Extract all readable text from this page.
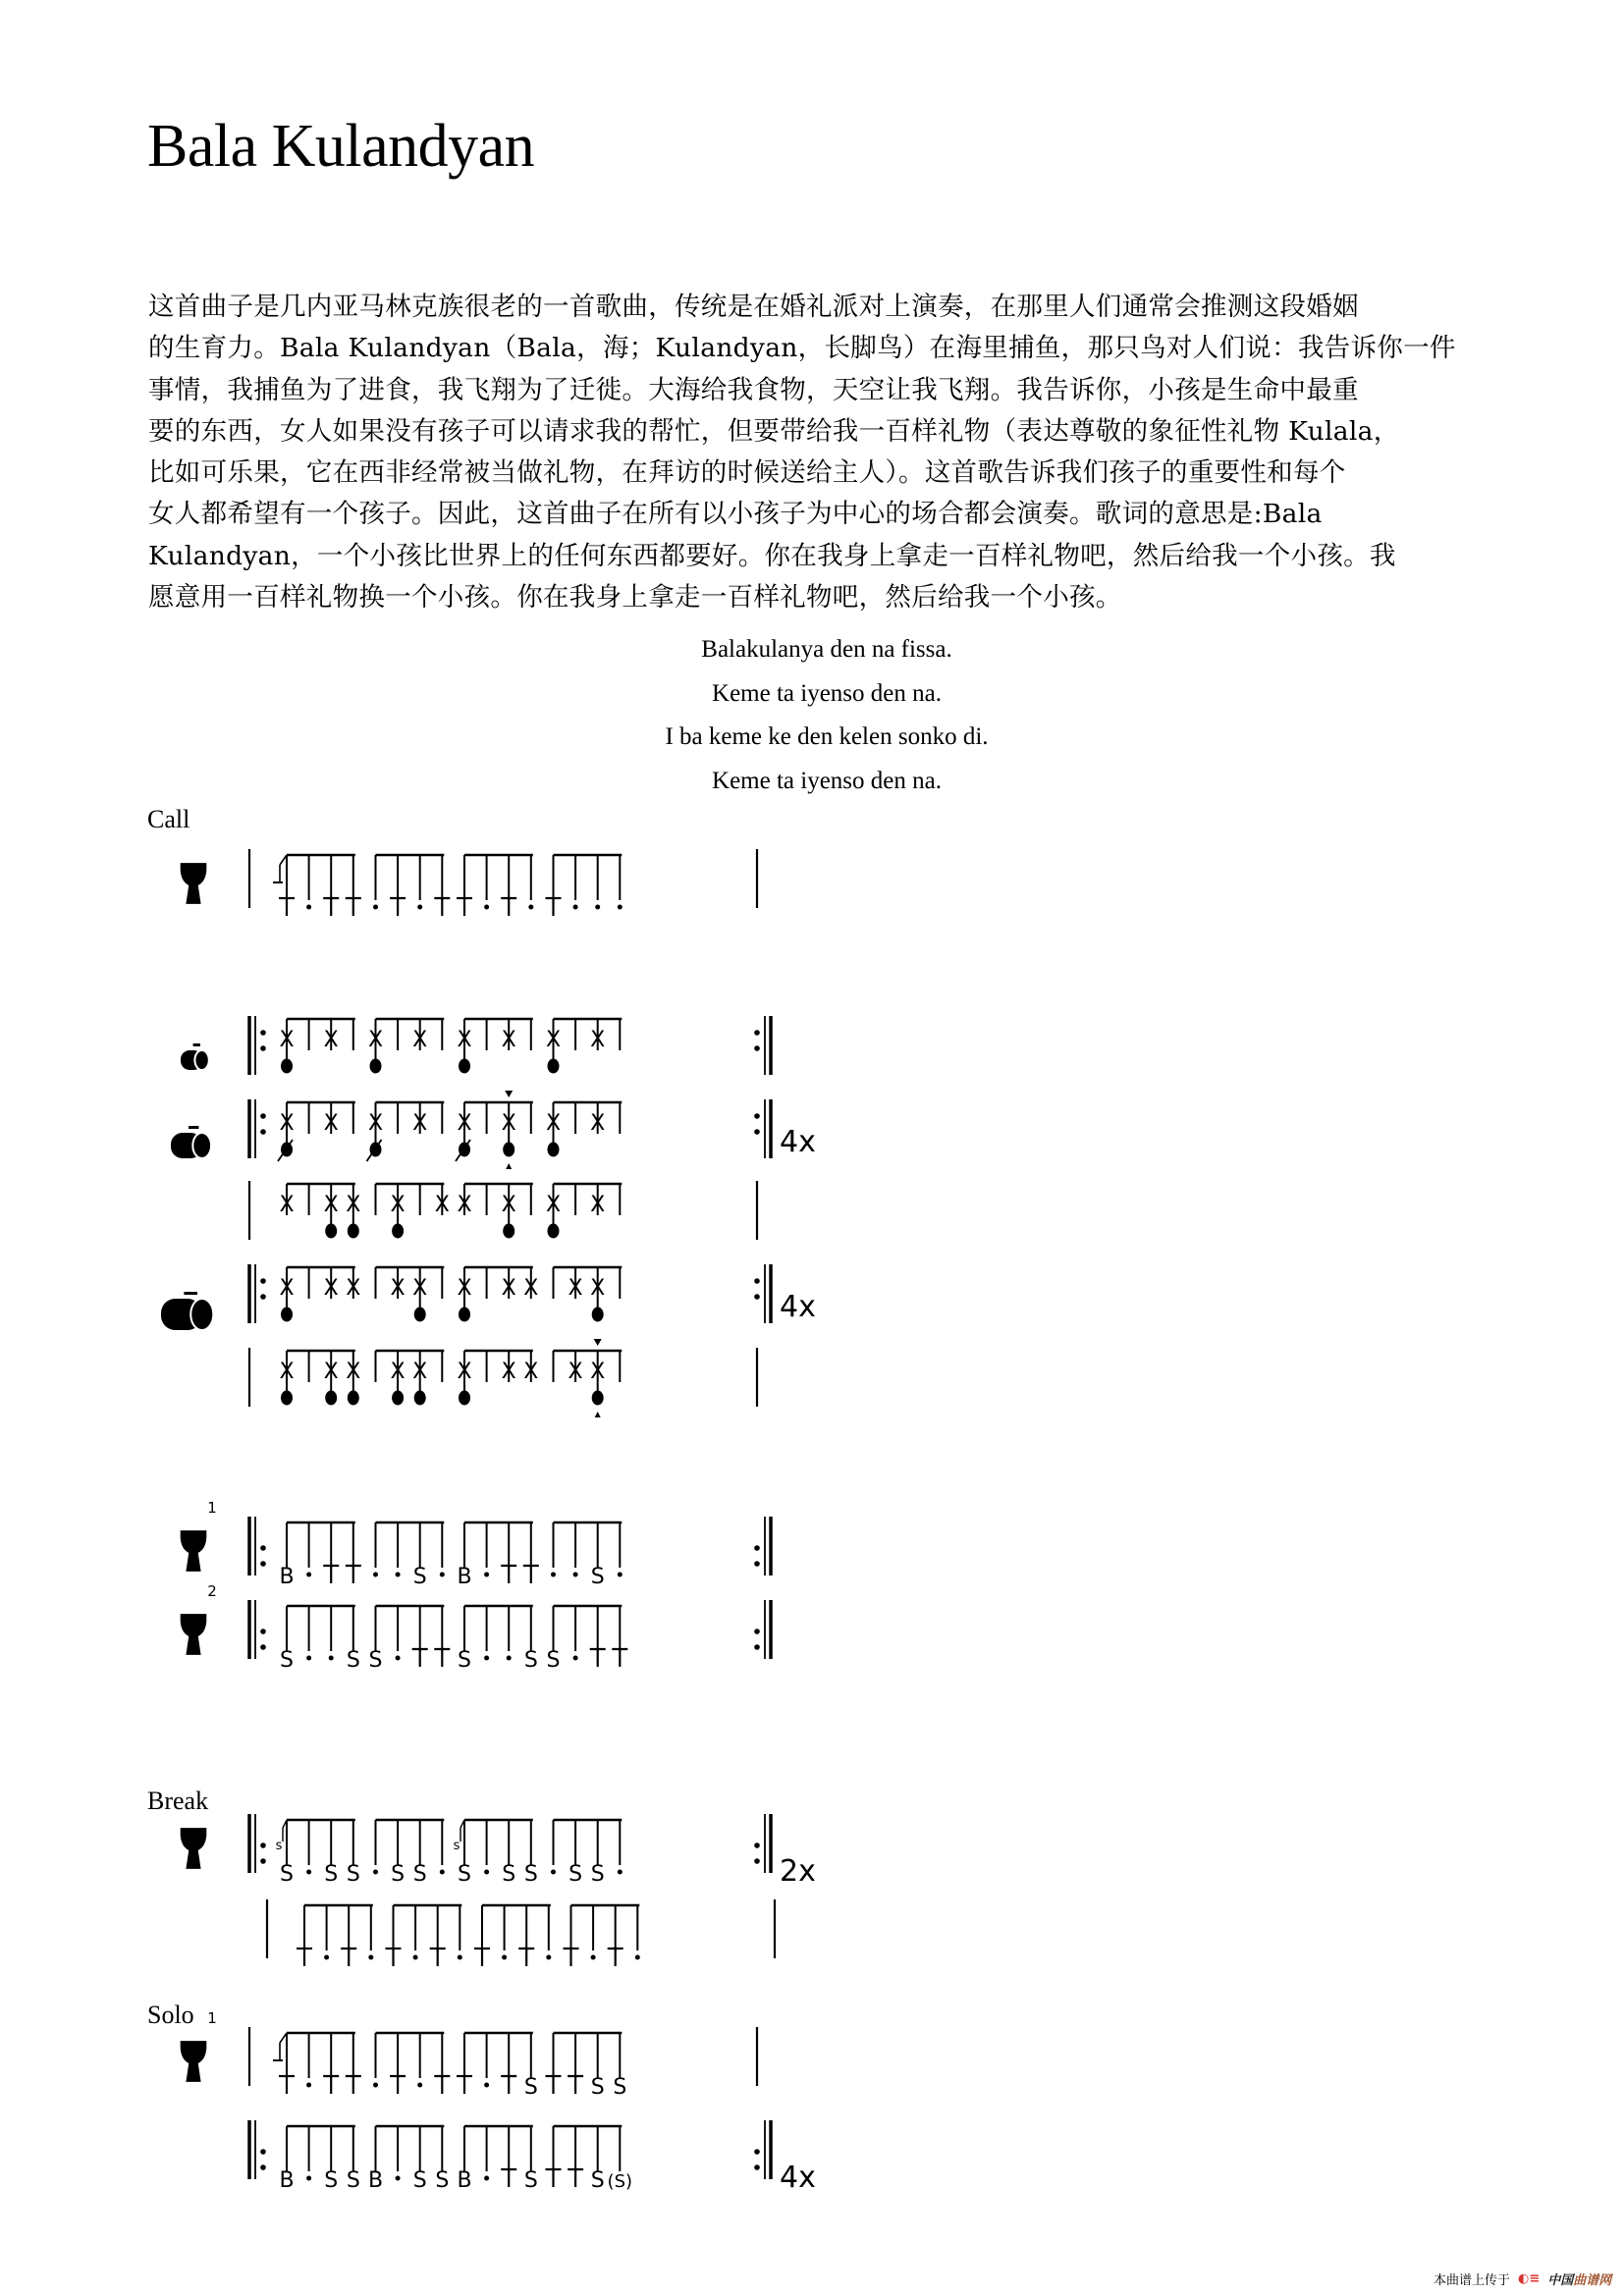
Bala Kulandyan

这首曲子是几内亚马林克族很老的一首歌曲，传统是在婚礼派对上演奏，在那里人们通常会推测这段婚姻

的生育力。Bala Kulandyan（Bala，海；Kulandyan，长脚鸟）在海里捕鱼，那只鸟对人们说：我告诉你一件

事情，我捕鱼为了进食，我飞翔为了迁徙。大海给我食物，天空让我飞翔。我告诉你，小孩是生命中最重

要的东西，女人如果没有孩子可以请求我的帮忙，但要带给我一百样礼物（表达尊敬的象征性礼物 Kulala，

比如可乐果，它在西非经常被当做礼物，在拜访的时候送给主人）。这首歌告诉我们孩子的重要性和每个

女人都希望有一个孩子。因此，这首曲子在所有以小孩子为中心的场合都会演奏。歌词的意思是:Bala

Kulandyan，一个小孩比世界上的任何东西都要好。你在我身上拿走一百样礼物吧，然后给我一个小孩。我

愿意用一百样礼物换一个小孩。你在我身上拿走一百样礼物吧，然后给我一个小孩。

Balakulanya den na fissa.
Keme ta iyenso den na.
I ba keme ke den kelen sonko di.
Keme ta iyenso den na.
Call
Break
Solo
X X X X X X X X
X X X X X X X X
4x
X X X X X X X X X
X X X X X X X X X X
4x
X X X X X X X X X X
1
B	S B	S
2
S S S	S S S
S S S S S S S S S S
s	s
2x
1
S S S
B S S B S S B S S (S)	4x
本曲谱上传于 ◐≡ 中国曲谱网
